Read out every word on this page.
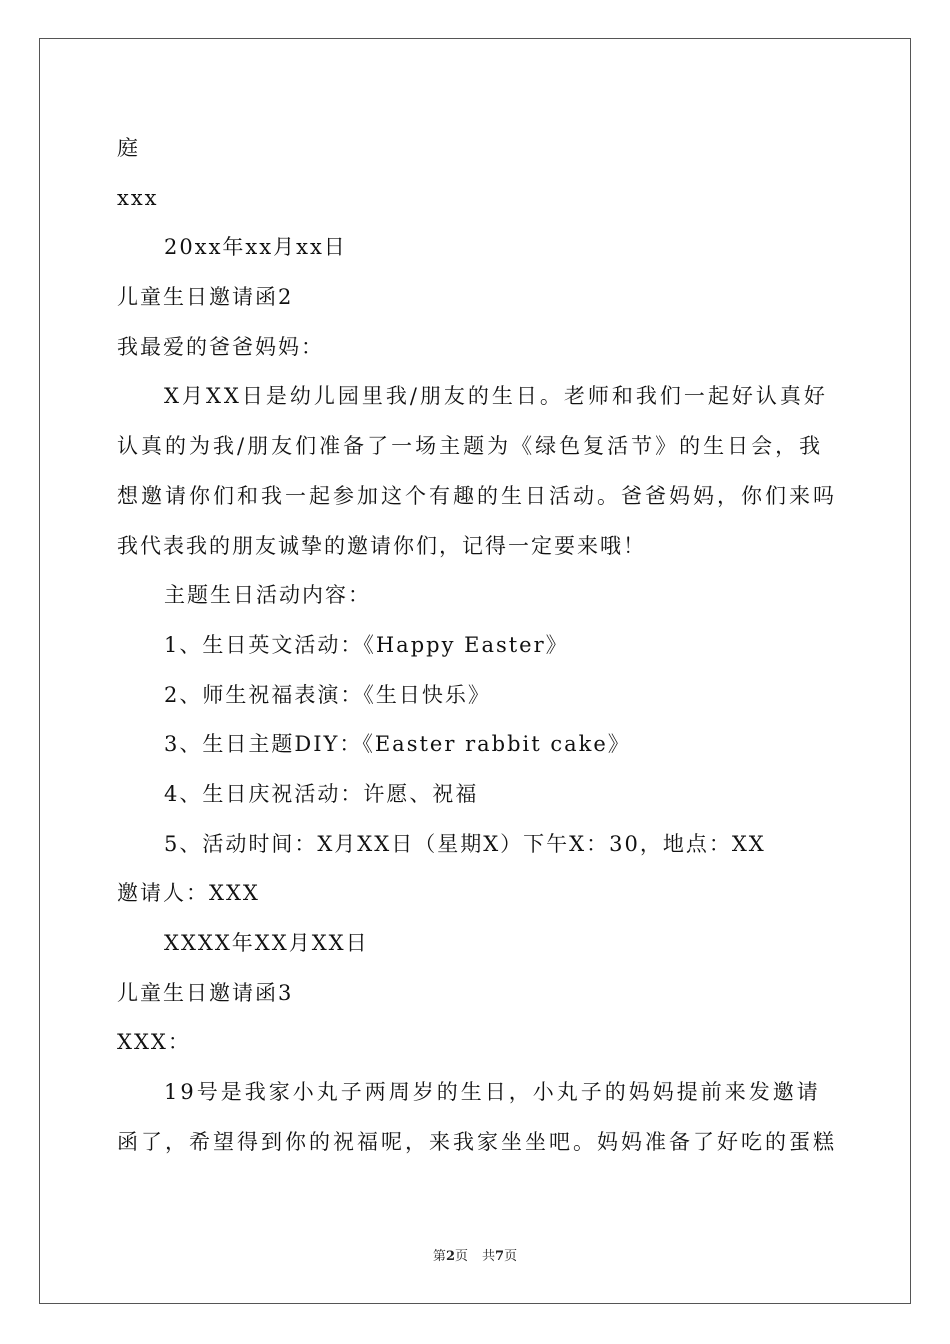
庭
xxx
20xx年xx月xx日
儿童生日邀请函2
我最爱的爸爸妈妈：
X月XX日是幼儿园里我/朋友的生日。老师和我们一起好认真好
认真的为我/朋友们准备了一场主题为《绿色复活节》的生日会，我
想邀请你们和我一起参加这个有趣的生日活动。爸爸妈妈，你们来吗
我代表我的朋友诚挚的邀请你们，记得一定要来哦！
主题生日活动内容：
1、生日英文活动：《Happy Easter》
2、师生祝福表演：《生日快乐》
3、生日主题DIY：《Easter rabbit cake》
4、生日庆祝活动：许愿、祝福
5、活动时间：X月XX日（星期X）下午X：30，地点：XX
邀请人：XXX
XXXX年XX月XX日
儿童生日邀请函3
XXX：
19号是我家小丸子两周岁的生日，小丸子的妈妈提前来发邀请
函了，希望得到你的祝福呢，来我家坐坐吧。妈妈准备了好吃的蛋糕
第2页 共7页
